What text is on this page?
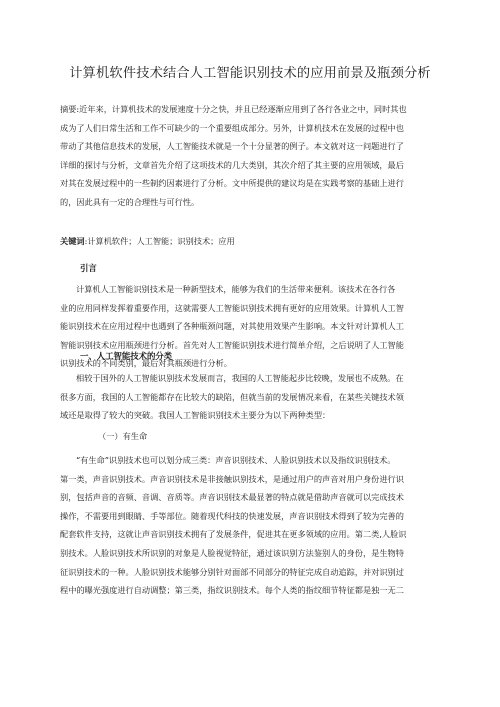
计算机软件技术结合人工智能识别技术的应用前景及瓶颈分析
摘要:近年来，计算机技术的发展速度十分之快，并且已经逐渐应用到了各行各业之中，同时其也
成为了人们日常生活和工作不可缺少的一个重要组成部分。另外，计算机技术在发展的过程中也
带动了其他信息技术的发展，人工智能技术就是一个十分显著的例子。本文就对这一问题进行了
详细的探讨与分析，文章首先介绍了这项技术的几大类别，其次介绍了其主要的应用领域，最后
对其在发展过程中的一些制约因素进行了分析。文中所提供的建议均是在实践考察的基础上进行
的，因此具有一定的合理性与可行性。
关键词:计算机软件；人工智能；识别技术；应用
引言
计算机人工智能识别技术是一种新型技术，能够为我们的生活带来便利。该技术在各行各
业的应用同样发挥着重要作用，这就需要人工智能识别技术拥有更好的应用效果。计算机人工智
能识别技术在应用过程中也遇到了各种瓶颈问题，对其使用效果产生影响。本文针对计算机人工
智能识别技术应用瓶颈进行分析。首先对人工智能识别技术进行简单介绍，之后说明了人工智能
识别技术的不同类别，最后对其瓶颈进行分析。
一、人工智能技术的分类
相较于国外的人工智能识别技术发展而言，我国的人工智能起步比较晚，发展也不成熟。在
很多方面，我国的人工智能都存在比较大的缺陷，但就当前的发展情况来看，在某些关键技术领
域还是取得了较大的突破。我国人工智能识别技术主要分为以下两种类型：
（一）有生命
“有生命”识别技术也可以划分成三类：声音识别技术、人脸识别技术以及指纹识别技术。
第一类，声音识别技术。声音识别技术是非接触识别技术，是通过用户的声音对用户身份进行识
别，包括声音的音频、音调、音质等。声音识别技术最显著的特点就是借助声音就可以完成技术
操作，不需要用到眼睛、手等部位。随着现代科技的快速发展，声音识别技术得到了较为完善的
配套软件支持，这就让声音识别技术拥有了发展条件，促进其在更多领域的应用。第二类,人脸识
别技术。人脸识别技术所识别的对象是人脸视觉特征，通过该识别方法鉴别人的身份，是生物特
征识别技术的一种。人脸识别技术能够分别针对面部不同部分的特征完成自动追踪，并对识别过
程中的曝光强度进行自动调整；第三类，指纹识别技术。每个人类的指纹细节特征都是独一无二
